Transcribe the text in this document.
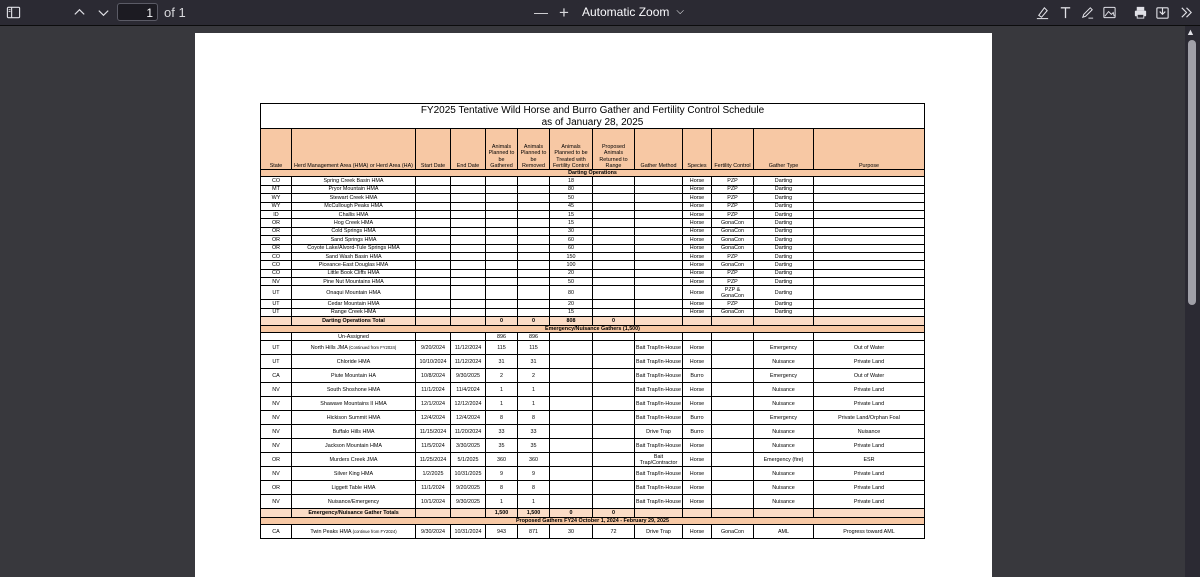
1 of 1	— +	Automatic Zoom ⌵
FY2025 Tentative Wild Horse and Burro Gather and Fertility Control Schedule												
as of January 28, 2025												
State	Herd Management Area (HMA) or Herd Area (HA)	Start Date	End Date	Animals Planned to be Gathered	Animals Planned to be Removed	Animals Planned to be Treated with Fertility Control	Proposed Animals Returned to Range	Gather Method	Species	Fertility Control	Gather Type	Purpose
Darting Operations												
CO	Spring Creek Basin HMA					18			Horse	PZP	Darting	
MT	Pryor Mountain HMA					80			Horse	PZP	Darting	
WY	Stewart Creek HMA					50			Horse	PZP	Darting	
WY	McCullough Peaks HMA					45			Horse	PZP	Darting	
ID	Challis HMA					15			Horse	PZP	Darting	
OR	Hog Creek HMA					15			Horse	GonaCon	Darting	
OR	Cold Springs HMA					30			Horse	GonaCon	Darting	
OR	Sand Springs HMA					60			Horse	GonaCon	Darting	
OR	Coyote Lake/Alvord-Tule Springs HMA					60			Horse	GonaCon	Darting	
CO	Sand Wash Basin HMA					150			Horse	PZP	Darting	
CO	Piceance-East Douglas HMA					100			Horse	GonaCon	Darting	
CO	Little Book Cliffs HMA					20			Horse	PZP	Darting	
NV	Pine Nut Mountains HMA					50			Horse	PZP	Darting	
UT	Onaqui Mountain HMA					80			Horse	PZP & GonaCon	Darting	
UT	Cedar Mountain HMA					20			Horse	PZP	Darting	
UT	Range Creek HMA					15			Horse	GonaCon	Darting	
	Darting Operations Total			0	0	808	0					
Emergency/Nuisance Gathers (1,500)												
	Un-Assigned			896	896							
UT	North Hills JMA (Continued from FY2024)	9/20/2024	11/12/2024	115	115			Bait Trap/In-House	Horse		Emergency	Out of Water
UT	Chloride HMA	10/10/2024	11/12/2024	31	31			Bait Trap/In-House	Horse		Nuisance	Private Land
CA	Piute Mountain HA	10/8/2024	9/30/2025	2	2			Bait Trap/In-House	Burro		Emergency	Out of Water
NV	South Shoshone HMA	11/1/2024	11/4/2024	1	1			Bait Trap/In-House	Horse		Nuisance	Private Land
NV	Shawave Mountains II HMA	12/1/2024	12/12/2024	1	1			Bait Trap/In-House	Horse		Nuisance	Private Land
NV	Hickison Summit HMA	12/4/2024	12/4/2024	8	8			Bait Trap/In-House	Burro		Emergency	Private Land/Orphan Foal
NV	Buffalo Hills HMA	11/15/2024	11/20/2024	33	33			Drive Trap	Burro		Nuisance	Nuisance
NV	Jackson Mountain HMA	11/5/2024	3/30/2025	35	35			Bait Trap/In-House	Horse		Nuisance	Private Land
OR	Murders Creek JMA	11/25/2024	5/1/2025	360	360			Bait Trap/Contractor	Horse		Emergency (fire)	ESR
NV	Silver King HMA	1/2/2025	10/31/2025	9	9			Bait Trap/In-House	Horse		Nuisance	Private Land
OR	Liggett Table HMA	11/1/2024	9/20/2025	8	8			Bait Trap/In-House	Horse		Nuisance	Private Land
NV	Nuisance/Emergency	10/1/2024	9/30/2025	1	1			Bait Trap/In-House	Horse		Nuisance	Private Land
	Emergency/Nuisance Gather Totals			1,500	1,500	0	0					
Proposed Gathers FY24 October 1, 2024 - February 29, 2025												
CA	Twin Peaks HMA (continue from FY2024)	9/30/2024	10/31/2024	943	871	30	72	Drive Trap	Horse	GonaCon	AML	Progress toward AML
▲
